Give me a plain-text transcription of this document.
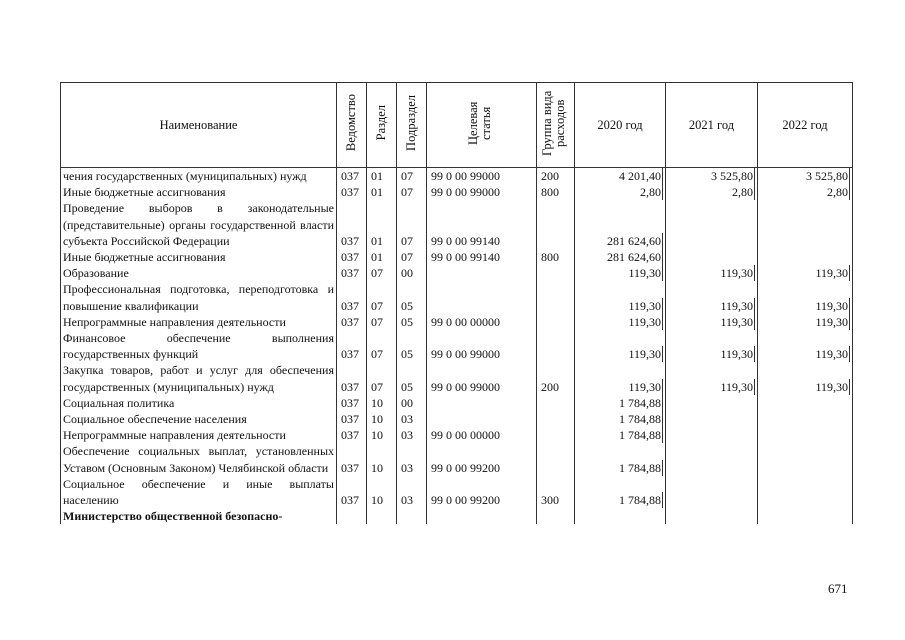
Наименование	Ведомство	Раздел	Подраздел	Целевая статья	Группа вида расходов	2020 год	2021 год	2022 год
чения государственных (муниципальных) нужд	037	01	07	99 0 00 99000	200	4 201,40	3 525,80	3 525,80
Иные бюджетные ассигнования	037	01	07	99 0 00 99000	800	2,80	2,80	2,80
Проведение выборов в законодательные (представительные) органы государственной власти субъекта Российской Федерации	037	01	07	99 0 00 99140		281 624,60		
Иные бюджетные ассигнования	037	01	07	99 0 00 99140	800	281 624,60		
Образование	037	07	00			119,30	119,30	119,30
Профессиональная подготовка, переподготовка и повышение квалификации	037	07	05			119,30	119,30	119,30
Непрограммные направления деятельности	037	07	05	99 0 00 00000		119,30	119,30	119,30
Финансовое обеспечение выполнения государственных функций	037	07	05	99 0 00 99000		119,30	119,30	119,30
Закупка товаров, работ и услуг для обеспечения государственных (муниципальных) нужд	037	07	05	99 0 00 99000	200	119,30	119,30	119,30
Социальная политика	037	10	00			1 784,88		
Социальное обеспечение населения	037	10	03			1 784,88		
Непрограммные направления деятельности	037	10	03	99 0 00 00000		1 784,88		
Обеспечение социальных выплат, установленных Уставом (Основным Законом) Челябинской области	037	10	03	99 0 00 99200		1 784,88		
Социальное обеспечение и иные выплаты населению	037	10	03	99 0 00 99200	300	1 784,88		
Министерство общественной безопасно-								
671
